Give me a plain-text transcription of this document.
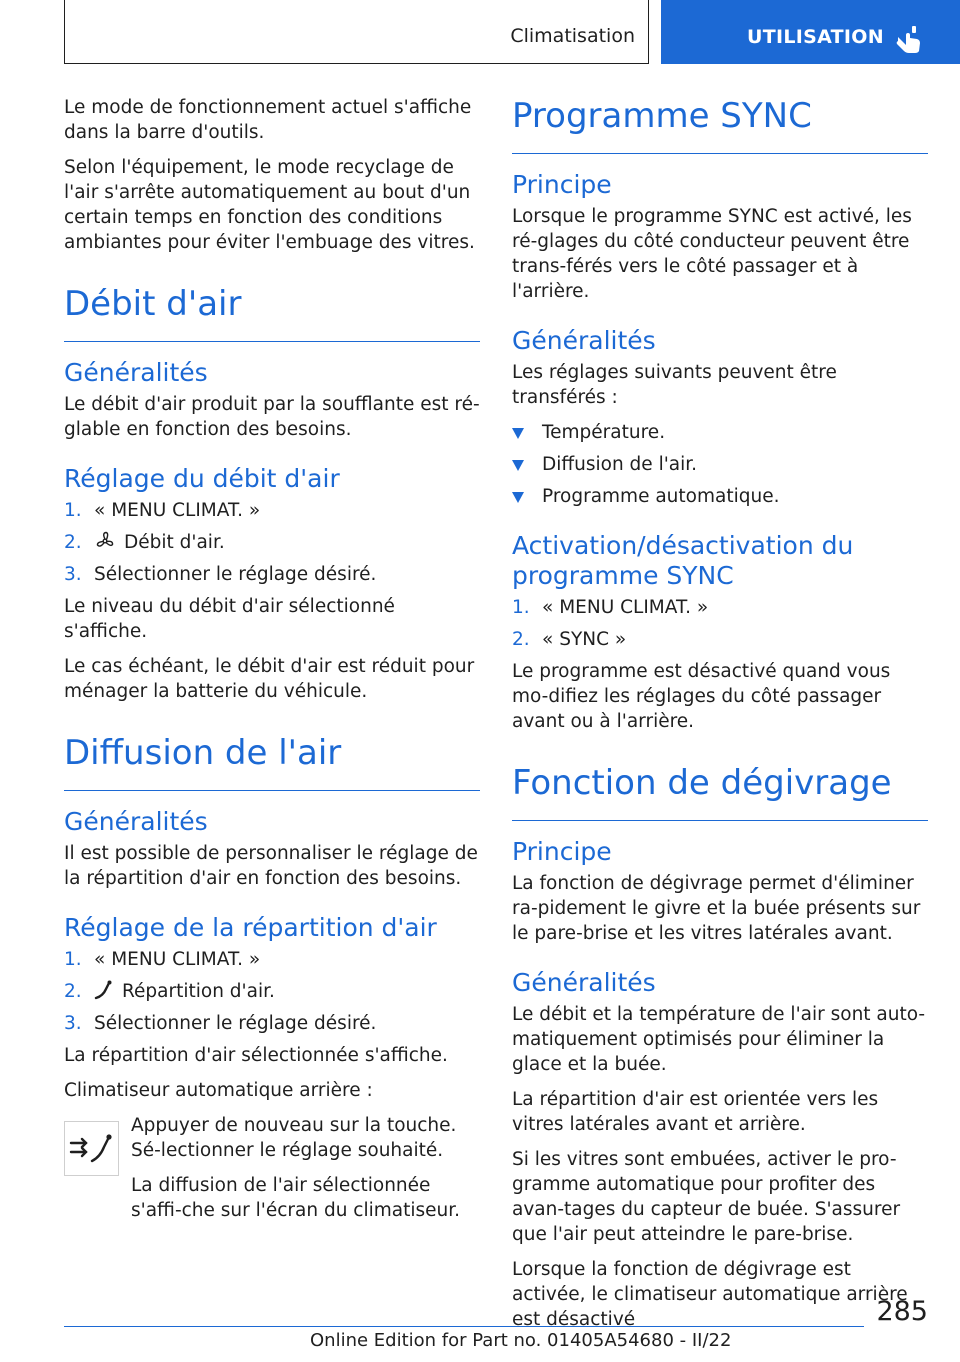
Climatisation	UTILISATION

Le mode de fonctionnement actuel s'affiche dans la barre d'outils.

Selon l'équipement, le mode recyclage de l'air s'arrête automatiquement au bout d'un certain temps en fonction des conditions ambiantes pour éviter l'embuage des vitres.

Débit d'air
Généralités

Le débit d'air produit par la soufflante est ré-glable en fonction des besoins.

Réglage du débit d'air
1. « MENU CLIMAT. »
2. Débit d'air.
3. Sélectionner le réglage désiré.

Le niveau du débit d'air sélectionné s'affiche.

Le cas échéant, le débit d'air est réduit pour ménager la batterie du véhicule.

Diffusion de l'air
Généralités

Il est possible de personnaliser le réglage de la répartition d'air en fonction des besoins.

Réglage de la répartition d'air
1. « MENU CLIMAT. »
2. Répartition d'air.
3. Sélectionner le réglage désiré.

La répartition d'air sélectionnée s'affiche.

Climatiseur automatique arrière :

Appuyer de nouveau sur la touche. Sé-lectionner le réglage souhaité.

La diffusion de l'air sélectionnée s'affi-che sur l'écran du climatiseur.

Programme SYNC
Principe

Lorsque le programme SYNC est activé, les ré-glages du côté conducteur peuvent être trans-férés vers le côté passager et à l'arrière.

Généralités

Les réglages suivants peuvent être transférés :

Température.
Diffusion de l'air.
Programme automatique.
Activation/désactivation du programme SYNC
1. « MENU CLIMAT. »
2. « SYNC »

Le programme est désactivé quand vous mo-difiez les réglages du côté passager avant ou à l'arrière.

Fonction de dégivrage
Principe

La fonction de dégivrage permet d'éliminer ra-pidement le givre et la buée présents sur le pare-brise et les vitres latérales avant.

Généralités

Le débit et la température de l'air sont auto-matiquement optimisés pour éliminer la glace et la buée.

La répartition d'air est orientée vers les vitres latérales avant et arrière.

Si les vitres sont embuées, activer le pro-gramme automatique pour profiter des avan-tages du capteur de buée. S'assurer que l'air peut atteindre le pare-brise.

Lorsque la fonction de dégivrage est activée, le climatiseur automatique arrière est désactivé	285
Online Edition for Part no. 01405A54680 - II/22
